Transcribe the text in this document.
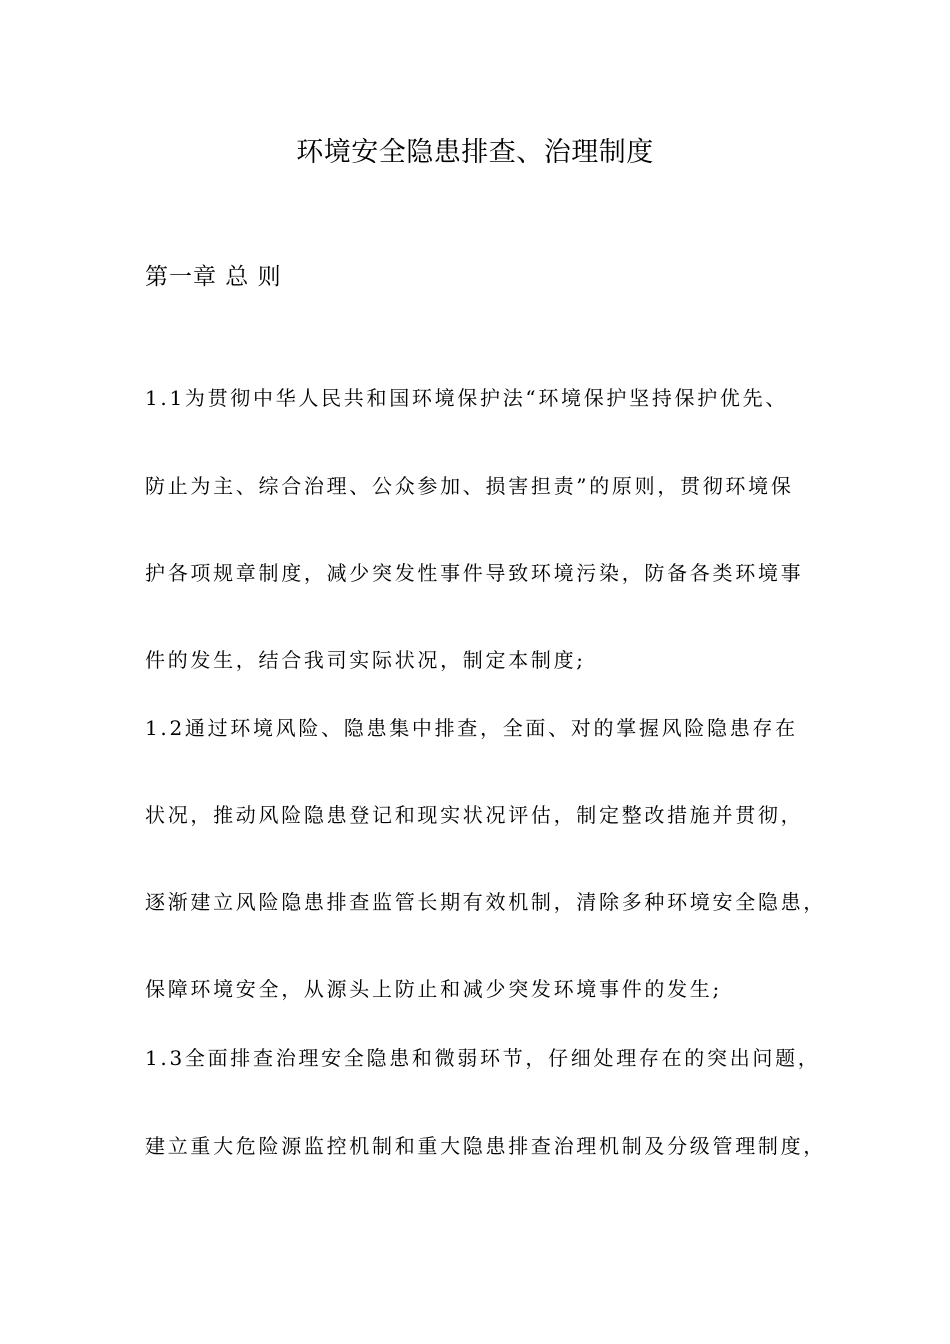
环境安全隐患排查、治理制度
第一章 总 则
1.1为贯彻中华人民共和国环境保护法“环境保护坚持保护优先、
防止为主、综合治理、公众参加、损害担责”的原则，贯彻环境保
护各项规章制度，减少突发性事件导致环境污染，防备各类环境事
件的发生，结合我司实际状况，制定本制度;
1.2通过环境风险、隐患集中排查，全面、对的掌握风险隐患存在
状况，推动风险隐患登记和现实状况评估，制定整改措施并贯彻，
逐渐建立风险隐患排查监管长期有效机制，清除多种环境安全隐患，
保障环境安全，从源头上防止和减少突发环境事件的发生;
1.3全面排查治理安全隐患和微弱环节，仔细处理存在的突出问题，
建立重大危险源监控机制和重大隐患排查治理机制及分级管理制度，
